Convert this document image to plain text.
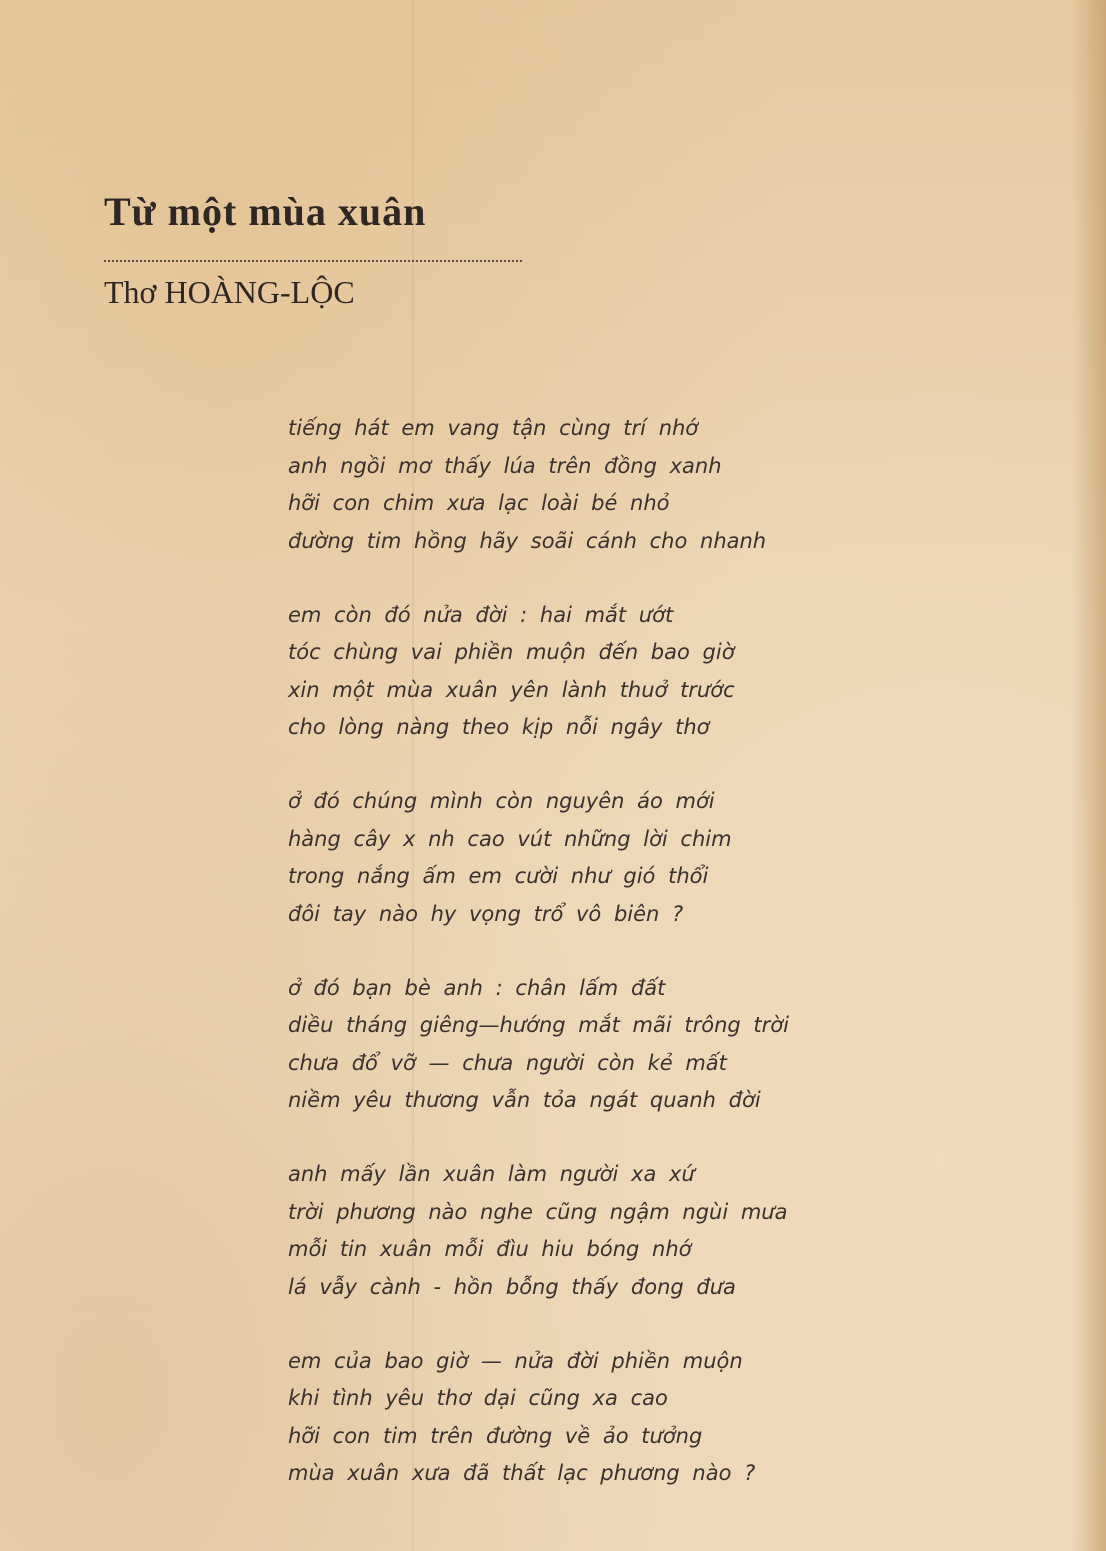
Từ một mùa xuân
Thơ HOÀNG-LỘC
tiếng hát em vang tận cùng trí nhớ
anh ngồi mơ thấy lúa trên đồng xanh
hỡi con chim xưa lạc loài bé nhỏ
đường tim hồng hãy soãi cánh cho nhanh
em còn đó nửa đời : hai mắt ướt
tóc chùng vai phiền muộn đến bao giờ
xin một mùa xuân yên lành thuở trước
cho lòng nàng theo kịp nỗi ngây thơ
ở đó chúng mình còn nguyên áo mới
hàng cây x nh cao vút những lời chim
trong nắng ấm em cười như gió thổi
đôi tay nào hy vọng trổ vô biên ?
ở đó bạn bè anh : chân lấm đất
diều tháng giêng—hướng mắt mãi trông trời
chưa đổ vỡ — chưa người còn kẻ mất
niềm yêu thương vẫn tỏa ngát quanh đời
anh mấy lần xuân làm người xa xứ
trời phương nào nghe cũng ngậm ngùi mưa
mỗi tin xuân mỗi đìu hiu bóng nhớ
lá vẫy cành - hồn bỗng thấy đong đưa
em của bao giờ — nửa đời phiền muộn
khi tình yêu thơ dại cũng xa cao
hỡi con tim trên đường về ảo tưởng
mùa xuân xưa đã thất lạc phương nào ?
